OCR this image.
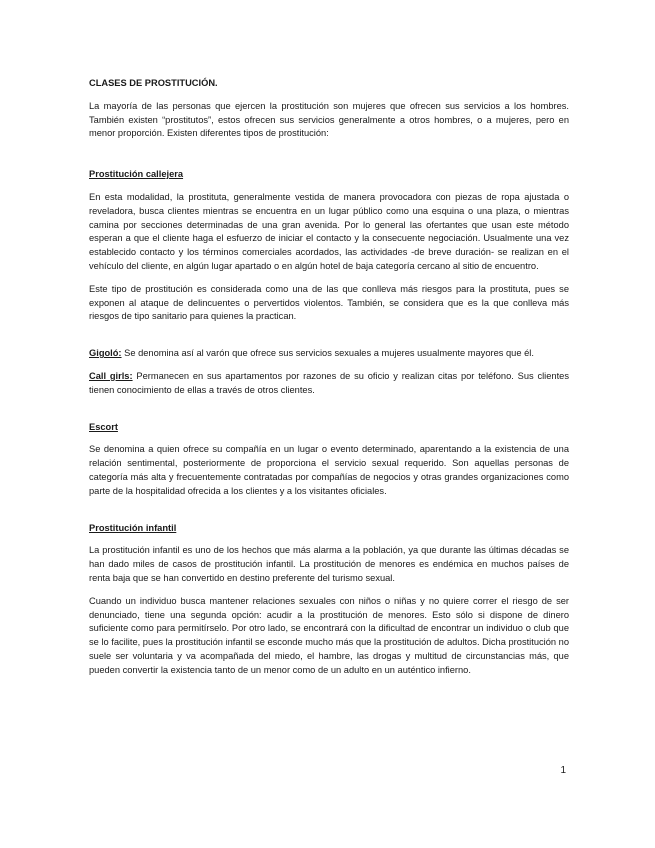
CLASES DE PROSTITUCIÓN.

La mayoría de las personas que ejercen la prostitución son mujeres que ofrecen sus servicios a los hombres. También existen “prostitutos”, estos ofrecen sus servicios generalmente a otros hombres, o a mujeres, pero en menor proporción. Existen diferentes tipos de prostitución:

Prostitución callejera

En esta modalidad, la prostituta, generalmente vestida de manera provocadora con piezas de ropa ajustada o reveladora, busca clientes mientras se encuentra en un lugar público como una esquina o una plaza, o mientras camina por secciones determinadas de una gran avenida. Por lo general las ofertantes que usan este método esperan a que el cliente haga el esfuerzo de iniciar el contacto y la consecuente negociación. Usualmente una vez establecido contacto y los términos comerciales acordados, las actividades -de breve duración- se realizan en el vehículo del cliente, en algún lugar apartado o en algún hotel de baja categoría cercano al sitio de encuentro.

Este tipo de prostitución es considerada como una de las que conlleva más riesgos para la prostituta, pues se exponen al ataque de delincuentes o pervertidos violentos. También, se considera que es la que conlleva más riesgos de tipo sanitario para quienes la practican.

Gigoló: Se denomina así al varón que ofrece sus servicios sexuales a mujeres usualmente mayores que él.

Call girls: Permanecen en sus apartamentos por razones de su oficio y realizan citas por teléfono. Sus clientes tienen conocimiento de ellas a través de otros clientes.

Escort

Se denomina a quien ofrece su compañía en un lugar o evento determinado, aparentando a la existencia de una relación sentimental, posteriormente de proporciona el servicio sexual requerido. Son aquellas personas de categoría más alta y frecuentemente contratadas por compañías de negocios y otras grandes organizaciones como parte de la hospitalidad ofrecida a los clientes y a los visitantes oficiales.

Prostitución infantil

La prostitución infantil es uno de los hechos que más alarma a la población, ya que durante las últimas décadas se han dado miles de casos de prostitución infantil. La prostitución de menores es endémica en muchos países de renta baja que se han convertido en destino preferente del turismo sexual.

Cuando un individuo busca mantener relaciones sexuales con niños o niñas y no quiere correr el riesgo de ser denunciado, tiene una segunda opción: acudir a la prostitución de menores. Esto sólo si dispone de dinero suficiente como para permitírselo. Por otro lado, se encontrará con la dificultad de encontrar un individuo o club que se lo facilite, pues la prostitución infantil se esconde mucho más que la prostitución de adultos. Dicha prostitución no suele ser voluntaria y va acompañada del miedo, el hambre, las drogas y multitud de circunstancias más, que pueden convertir la existencia tanto de un menor como de un adulto en un auténtico infierno.

1
